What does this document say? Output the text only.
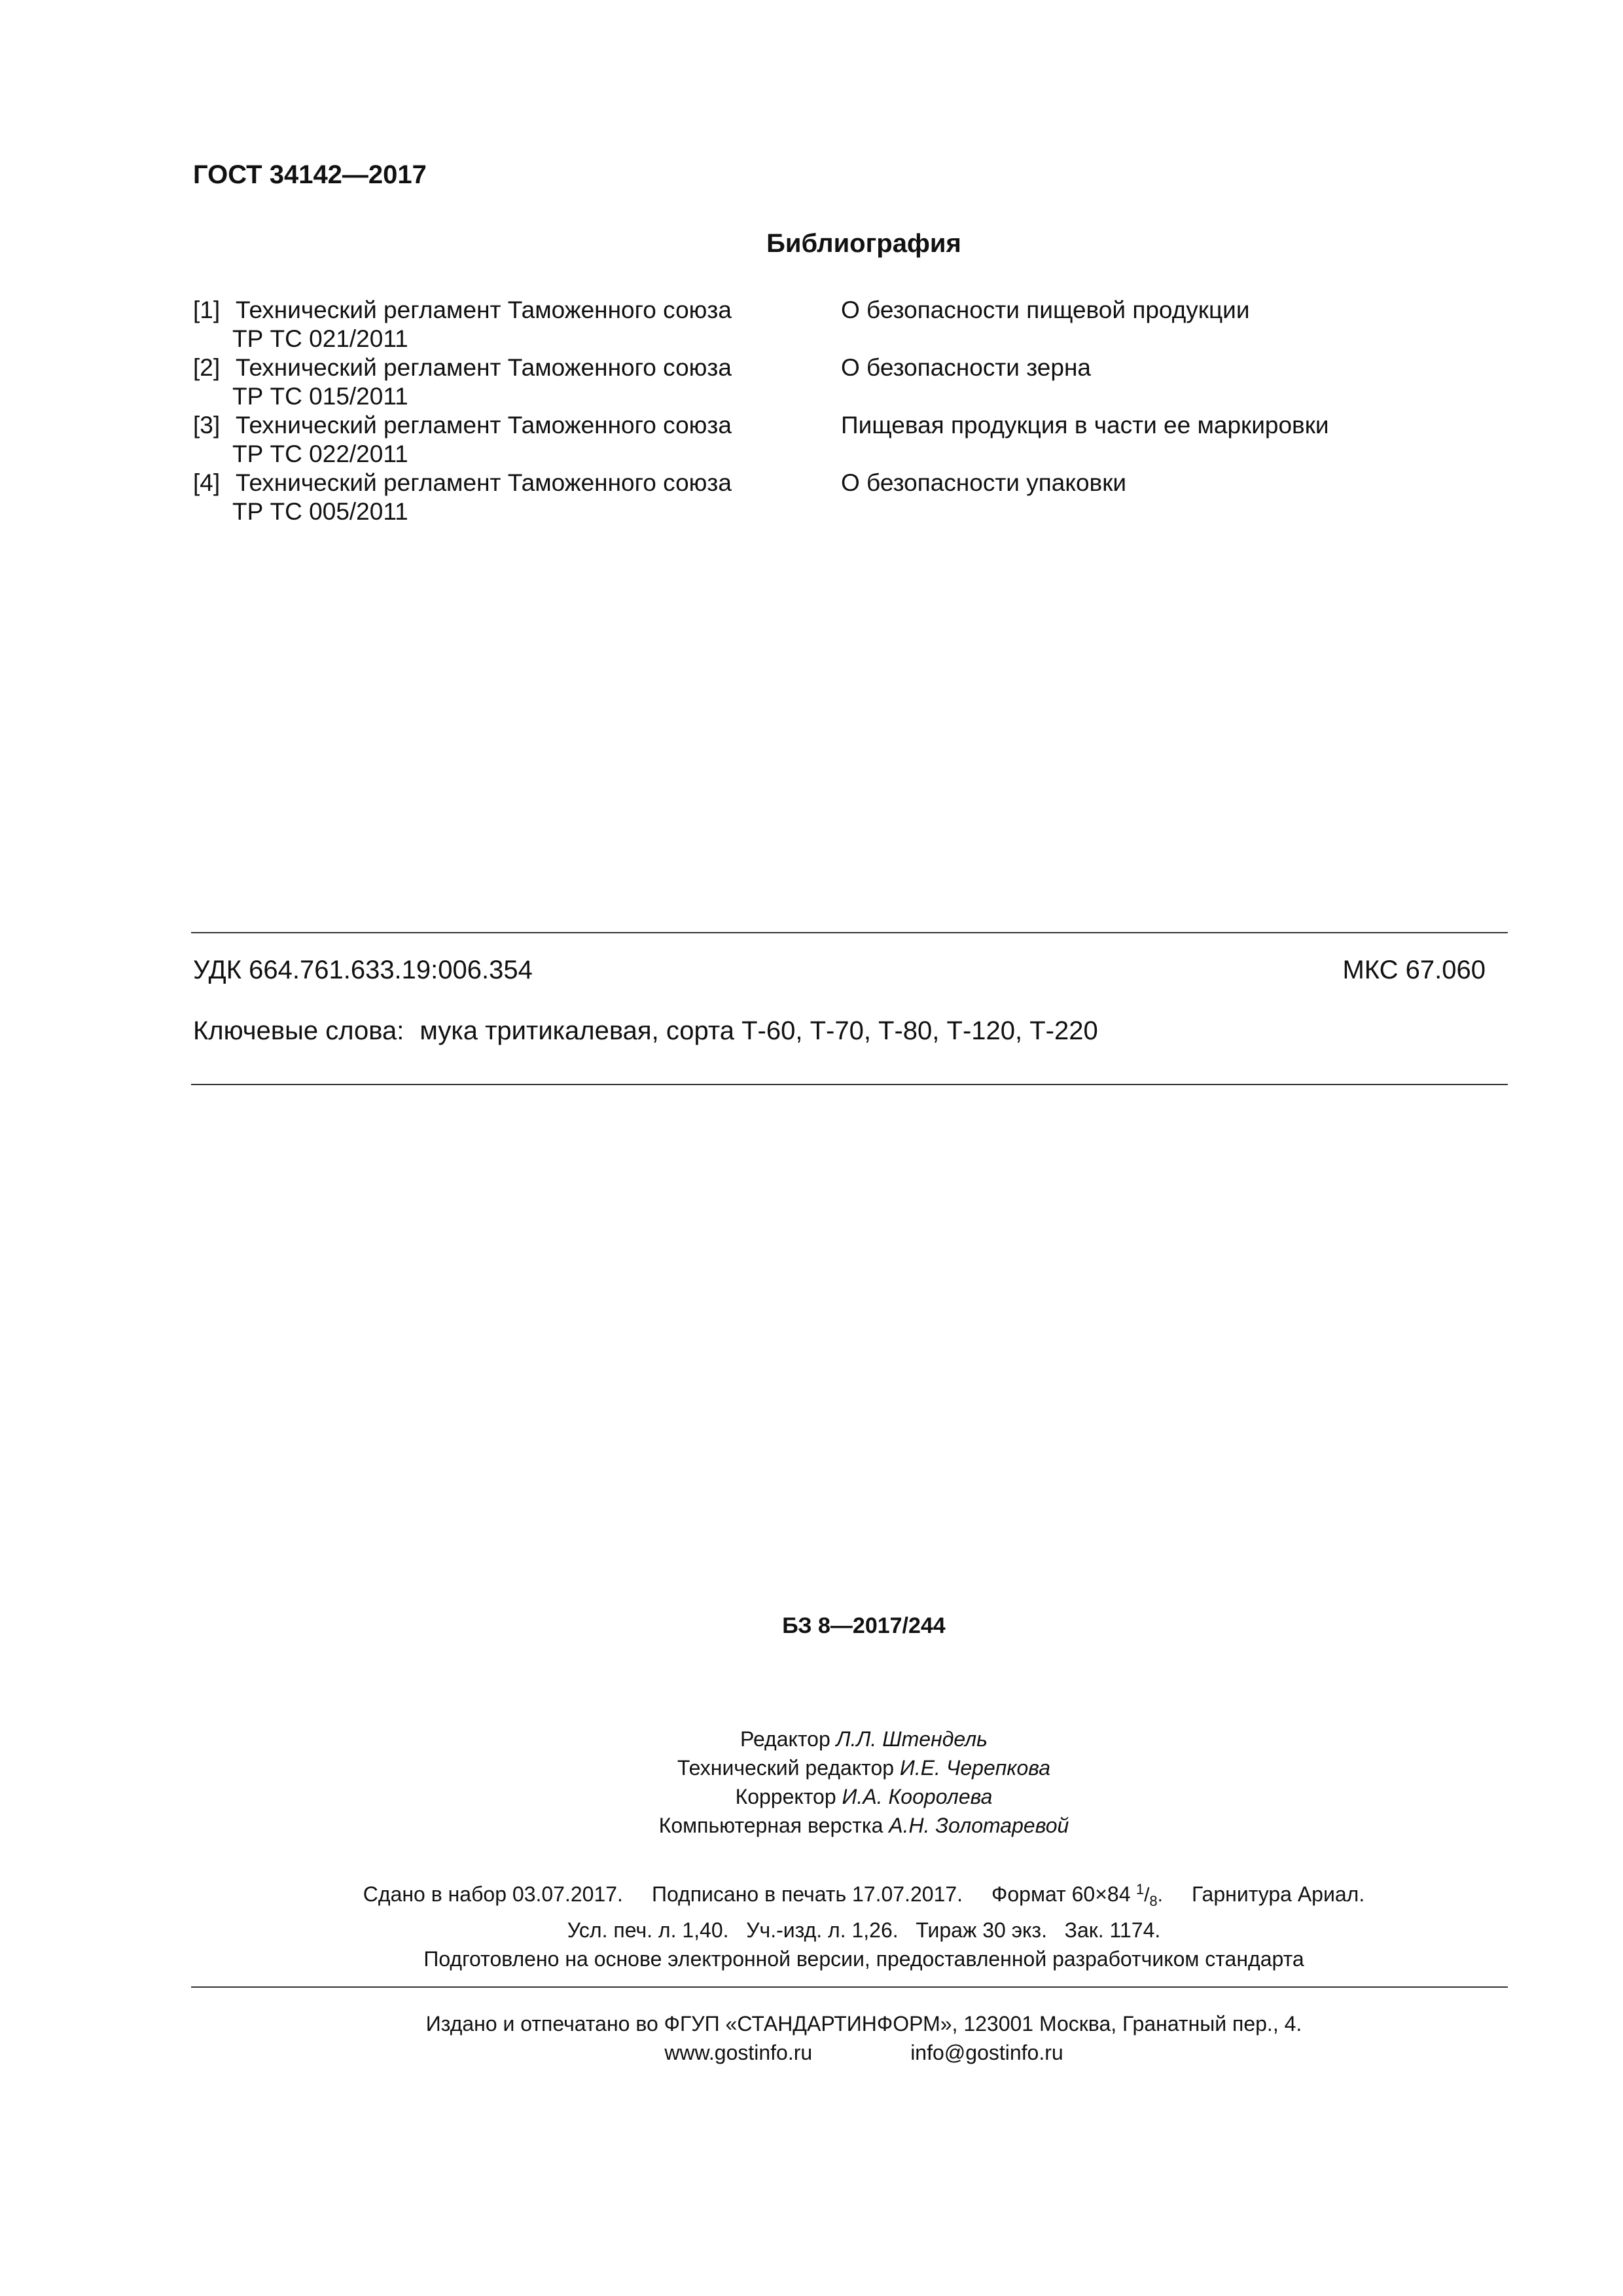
ГОСТ 34142—2017
Библиография
[1] Технический регламент Таможенного союза
ТР ТС 021/2011
О безопасности пищевой продукции
[2] Технический регламент Таможенного союза
ТР ТС 015/2011
О безопасности зерна
[3] Технический регламент Таможенного союза
ТР ТС 022/2011
Пищевая продукция в части ее маркировки
[4] Технический регламент Таможенного союза
ТР ТС 005/2011
О безопасности упаковки
УДК 664.761.633.19:006.354	МКС 67.060
Ключевые слова: мука тритикалевая, сорта Т-60, Т-70, Т-80, Т-120, Т-220
БЗ 8—2017/244
Редактор Л.Л. Штендель
Технический редактор И.Е. Черепкова
Корректор И.А. Кооролева
Компьютерная верстка А.Н. Золотаревой
Сдано в набор 03.07.2017. Подписано в печать 17.07.2017. Формат 60×84 $^1/_8$. Гарнитура Ариал.
Усл. печ. л. 1,40. Уч.-изд. л. 1,26. Тираж 30 экз. Зак. 1174.
Подготовлено на основе электронной версии, предоставленной разработчиком стандарта
Издано и отпечатано во ФГУП «СТАНДАРТИНФОРМ», 123001 Москва, Гранатный пер., 4.
www.gostinfo.ru	info@gostinfo.ru
